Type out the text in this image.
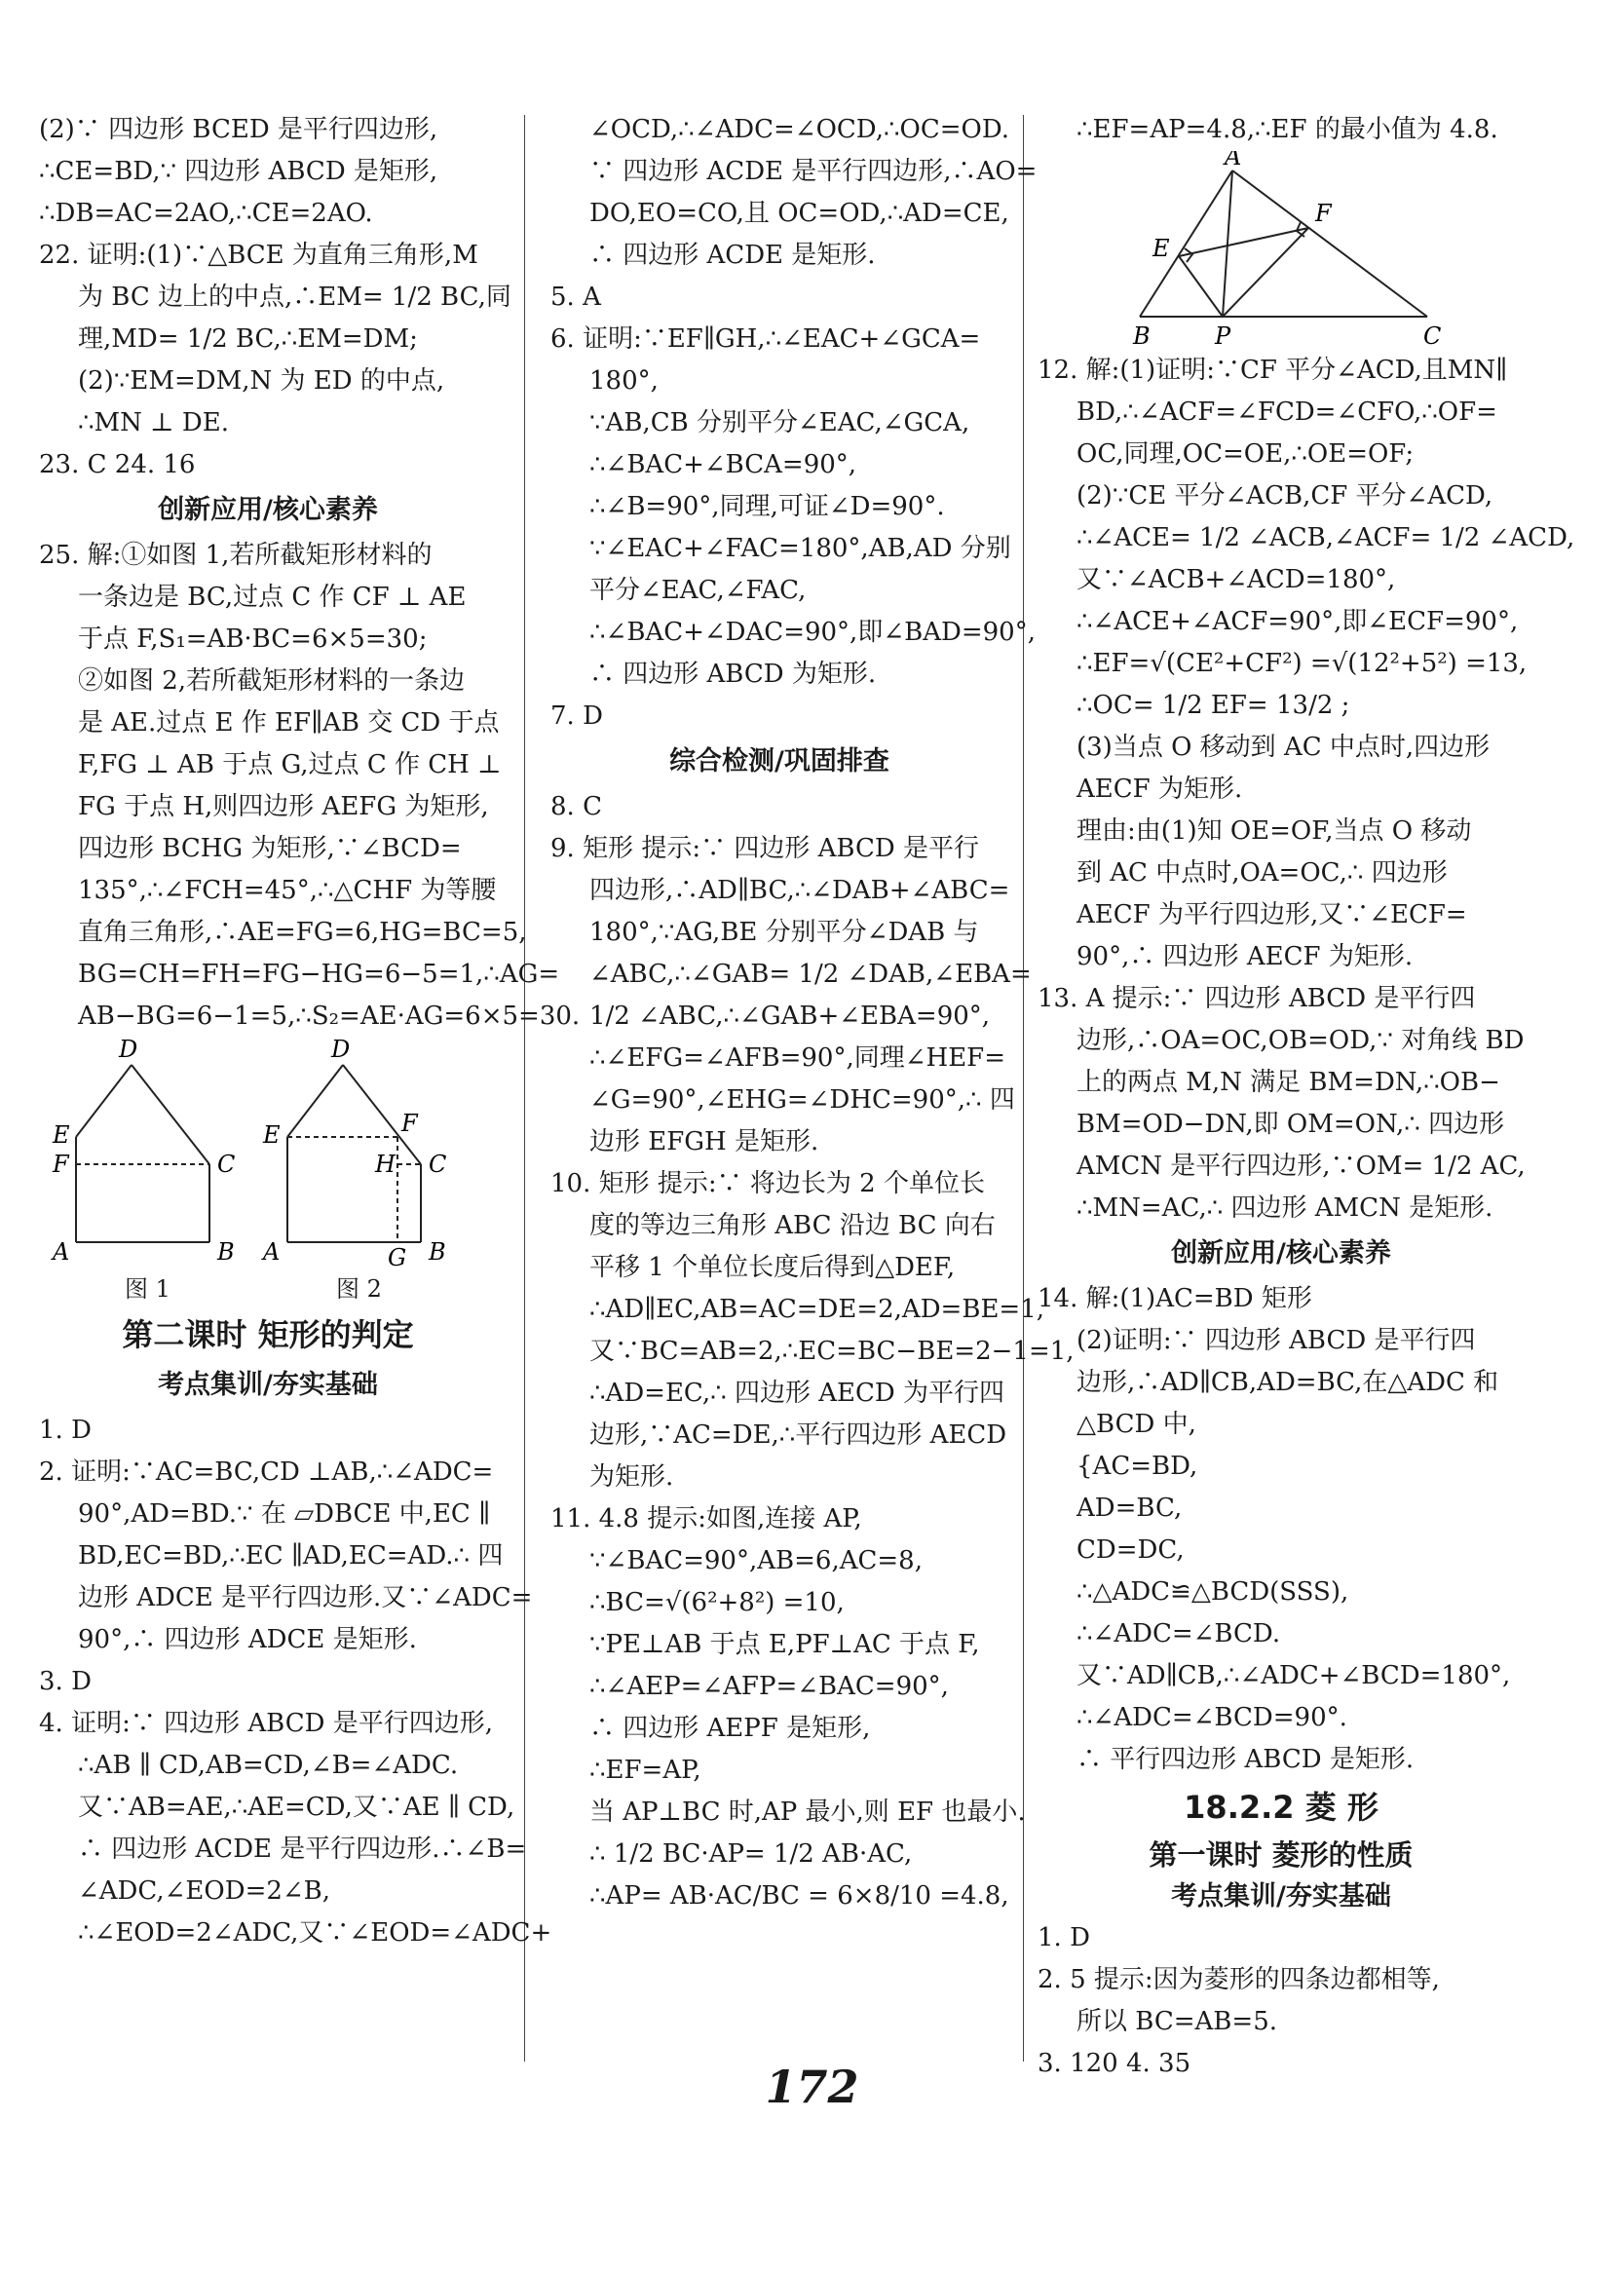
(2)∵ 四边形 BCED 是平行四边形,
∴CE=BD,∵ 四边形 ABCD 是矩形,
∴DB=AC=2AO,∴CE=2AO.
22. 证明:(1)∵△BCE 为直角三角形,M
为 BC 边上的中点,∴EM= 1/2 BC,同
理,MD= 1/2 BC,∴EM=DM;
(2)∵EM=DM,N 为 ED 的中点,
∴MN ⊥ DE.
23. C 24. 16
创新应用/核心素养
25. 解:①如图 1,若所截矩形材料的
一条边是 BC,过点 C 作 CF ⊥ AE
于点 F,S₁=AB·BC=6×5=30;
②如图 2,若所截矩形材料的一条边
是 AE.过点 E 作 EF∥AB 交 CD 于点
F,FG ⊥ AB 于点 G,过点 C 作 CH ⊥
FG 于点 H,则四边形 AEFG 为矩形,
四边形 BCHG 为矩形,∵∠BCD=
135°,∴∠FCH=45°,∴△CHF 为等腰
直角三角形,∴AE=FG=6,HG=BC=5,
BG=CH=FH=FG−HG=6−5=1,∴AG=
AB−BG=6−1=5,∴S₂=AE·AG=6×5=30.
D
E
F	C
A	B
D
E	F
H C
A	G B
图 1	图 2
第二课时 矩形的判定
考点集训/夯实基础
1. D
2. 证明:∵AC=BC,CD ⊥AB,∴∠ADC=
90°,AD=BD.∵ 在 ▱DBCE 中,EC ∥
BD,EC=BD,∴EC ∥AD,EC=AD.∴ 四
边形 ADCE 是平行四边形.又∵∠ADC=
90°,∴ 四边形 ADCE 是矩形.
3. D
4. 证明:∵ 四边形 ABCD 是平行四边形,
∴AB ∥ CD,AB=CD,∠B=∠ADC.
又∵AB=AE,∴AE=CD,又∵AE ∥ CD,
∴ 四边形 ACDE 是平行四边形.∴∠B=
∠ADC,∠EOD=2∠B,
∴∠EOD=2∠ADC,又∵∠EOD=∠ADC+
∠OCD,∴∠ADC=∠OCD,∴OC=OD.
∵ 四边形 ACDE 是平行四边形,∴AO=
DO,EO=CO,且 OC=OD,∴AD=CE,
∴ 四边形 ACDE 是矩形.
5. A
6. 证明:∵EF∥GH,∴∠EAC+∠GCA=
180°,
∵AB,CB 分别平分∠EAC,∠GCA,
∴∠BAC+∠BCA=90°,
∴∠B=90°,同理,可证∠D=90°.
∵∠EAC+∠FAC=180°,AB,AD 分别
平分∠EAC,∠FAC,
∴∠BAC+∠DAC=90°,即∠BAD=90°,
∴ 四边形 ABCD 为矩形.
7. D
综合检测/巩固排查
8. C
9. 矩形 提示:∵ 四边形 ABCD 是平行
四边形,∴AD∥BC,∴∠DAB+∠ABC=
180°,∵AG,BE 分别平分∠DAB 与
∠ABC,∴∠GAB= 1/2 ∠DAB,∠EBA=
1/2 ∠ABC,∴∠GAB+∠EBA=90°,
∴∠EFG=∠AFB=90°,同理∠HEF=
∠G=90°,∠EHG=∠DHC=90°,∴ 四
边形 EFGH 是矩形.
10. 矩形 提示:∵ 将边长为 2 个单位长
度的等边三角形 ABC 沿边 BC 向右
平移 1 个单位长度后得到△DEF,
∴AD∥EC,AB=AC=DE=2,AD=BE=1,
又∵BC=AB=2,∴EC=BC−BE=2−1=1,
∴AD=EC,∴ 四边形 AECD 为平行四
边形,∵AC=DE,∴平行四边形 AECD
为矩形.
11. 4.8 提示:如图,连接 AP,
∵∠BAC=90°,AB=6,AC=8,
∴BC=√(6²+8²) =10,
∵PE⊥AB 于点 E,PF⊥AC 于点 F,
∴∠AEP=∠AFP=∠BAC=90°,
∴ 四边形 AEPF 是矩形,
∴EF=AP,
当 AP⊥BC 时,AP 最小,则 EF 也最小.
∴ 1/2 BC·AP= 1/2 AB·AC,
∴AP= AB·AC/BC = 6×8/10 =4.8,
∴EF=AP=4.8,∴EF 的最小值为 4.8.
A
F
E
B	P	C
12. 解:(1)证明:∵CF 平分∠ACD,且MN∥
BD,∴∠ACF=∠FCD=∠CFO,∴OF=
OC,同理,OC=OE,∴OE=OF;
(2)∵CE 平分∠ACB,CF 平分∠ACD,
∴∠ACE= 1/2 ∠ACB,∠ACF= 1/2 ∠ACD,
又∵∠ACB+∠ACD=180°,
∴∠ACE+∠ACF=90°,即∠ECF=90°,
∴EF=√(CE²+CF²) =√(12²+5²) =13,
∴OC= 1/2 EF= 13/2 ;
(3)当点 O 移动到 AC 中点时,四边形
AECF 为矩形.
理由:由(1)知 OE=OF,当点 O 移动
到 AC 中点时,OA=OC,∴ 四边形
AECF 为平行四边形,又∵∠ECF=
90°,∴ 四边形 AECF 为矩形.
13. A 提示:∵ 四边形 ABCD 是平行四
边形,∴OA=OC,OB=OD,∵ 对角线 BD
上的两点 M,N 满足 BM=DN,∴OB−
BM=OD−DN,即 OM=ON,∴ 四边形
AMCN 是平行四边形,∵OM= 1/2 AC,
∴MN=AC,∴ 四边形 AMCN 是矩形.
创新应用/核心素养
14. 解:(1)AC=BD 矩形
(2)证明:∵ 四边形 ABCD 是平行四
边形,∴AD∥CB,AD=BC,在△ADC 和
△BCD 中,
{AC=BD,
AD=BC,
CD=DC,
∴△ADC≌△BCD(SSS),
∴∠ADC=∠BCD.
又∵AD∥CB,∴∠ADC+∠BCD=180°,
∴∠ADC=∠BCD=90°.
∴ 平行四边形 ABCD 是矩形.
18.2.2 菱 形
第一课时 菱形的性质
考点集训/夯实基础
1. D
2. 5 提示:因为菱形的四条边都相等,
所以 BC=AB=5.
3. 120 4. 35
172
